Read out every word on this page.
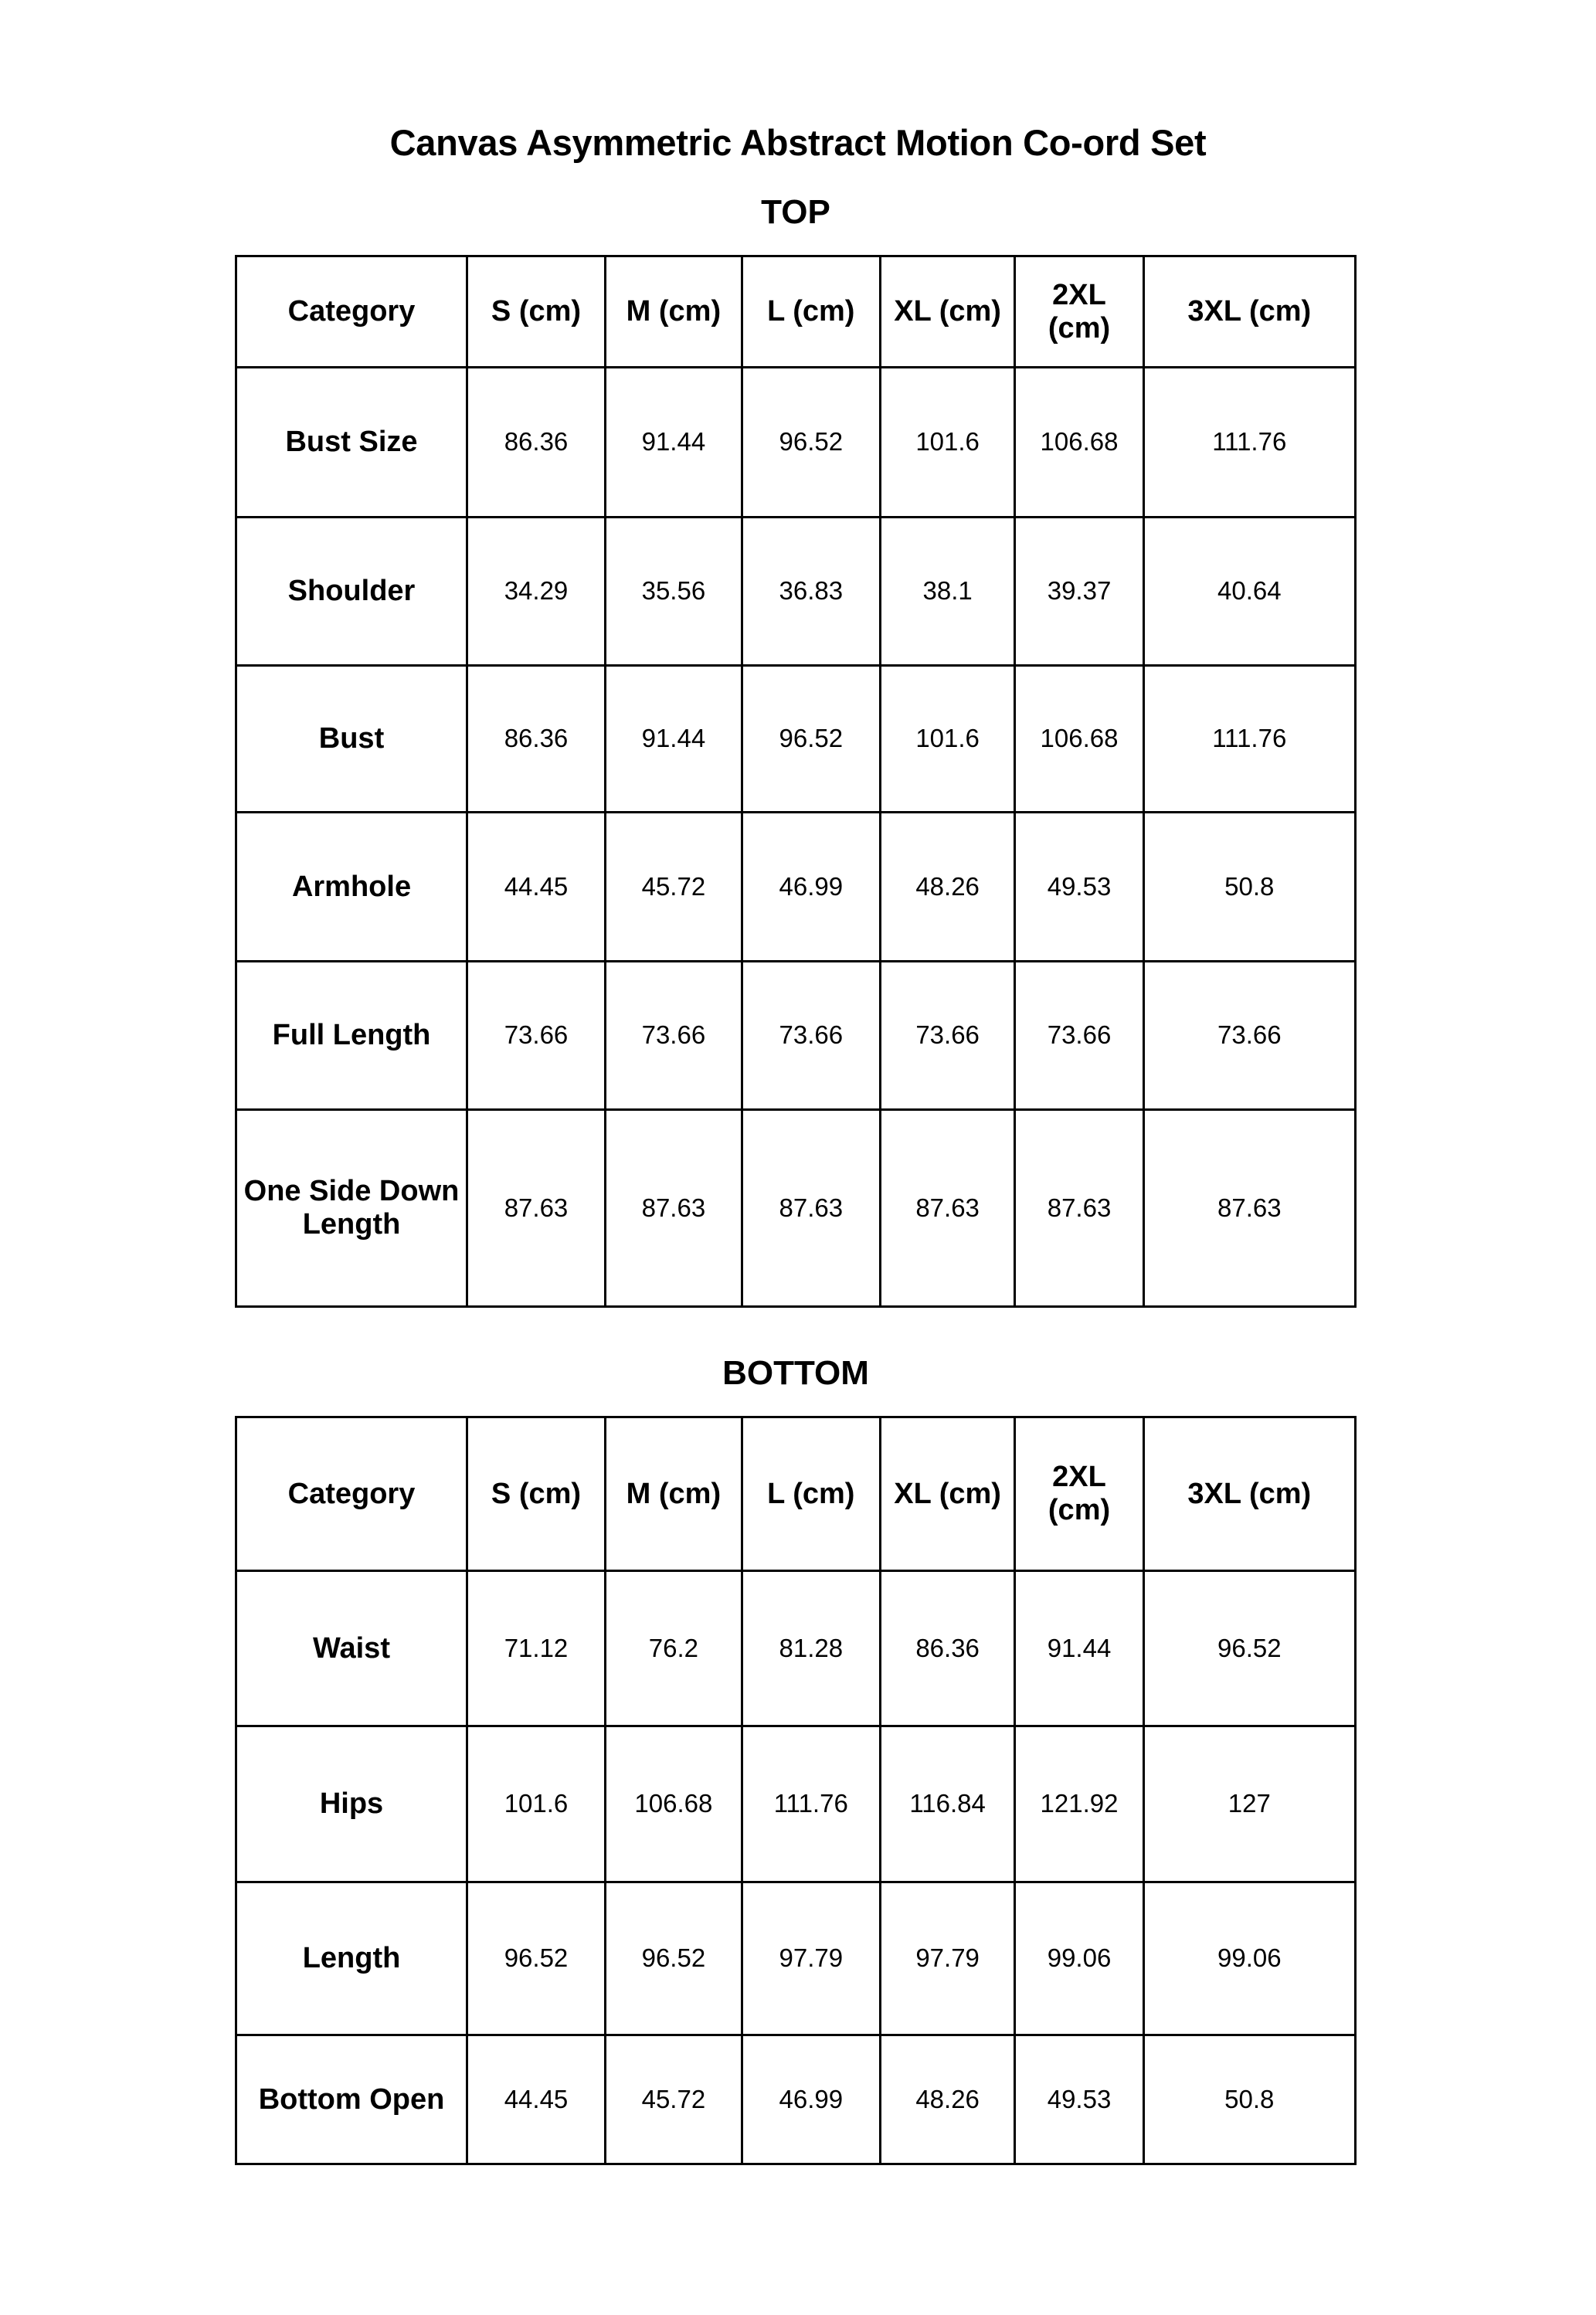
Canvas Asymmetric Abstract Motion Co-ord Set
TOP
Category	S (cm)	M (cm)	L (cm)	XL (cm)	2XL (cm)	3XL (cm)
Bust Size	86.36	91.44	96.52	101.6	106.68	111.76
Shoulder	34.29	35.56	36.83	38.1	39.37	40.64
Bust	86.36	91.44	96.52	101.6	106.68	111.76
Armhole	44.45	45.72	46.99	48.26	49.53	50.8
Full Length	73.66	73.66	73.66	73.66	73.66	73.66
One Side Down Length	87.63	87.63	87.63	87.63	87.63	87.63
BOTTOM
Category	S (cm)	M (cm)	L (cm)	XL (cm)	2XL (cm)	3XL (cm)
Waist	71.12	76.2	81.28	86.36	91.44	96.52
Hips	101.6	106.68	111.76	116.84	121.92	127
Length	96.52	96.52	97.79	97.79	99.06	99.06
Bottom Open	44.45	45.72	46.99	48.26	49.53	50.8
